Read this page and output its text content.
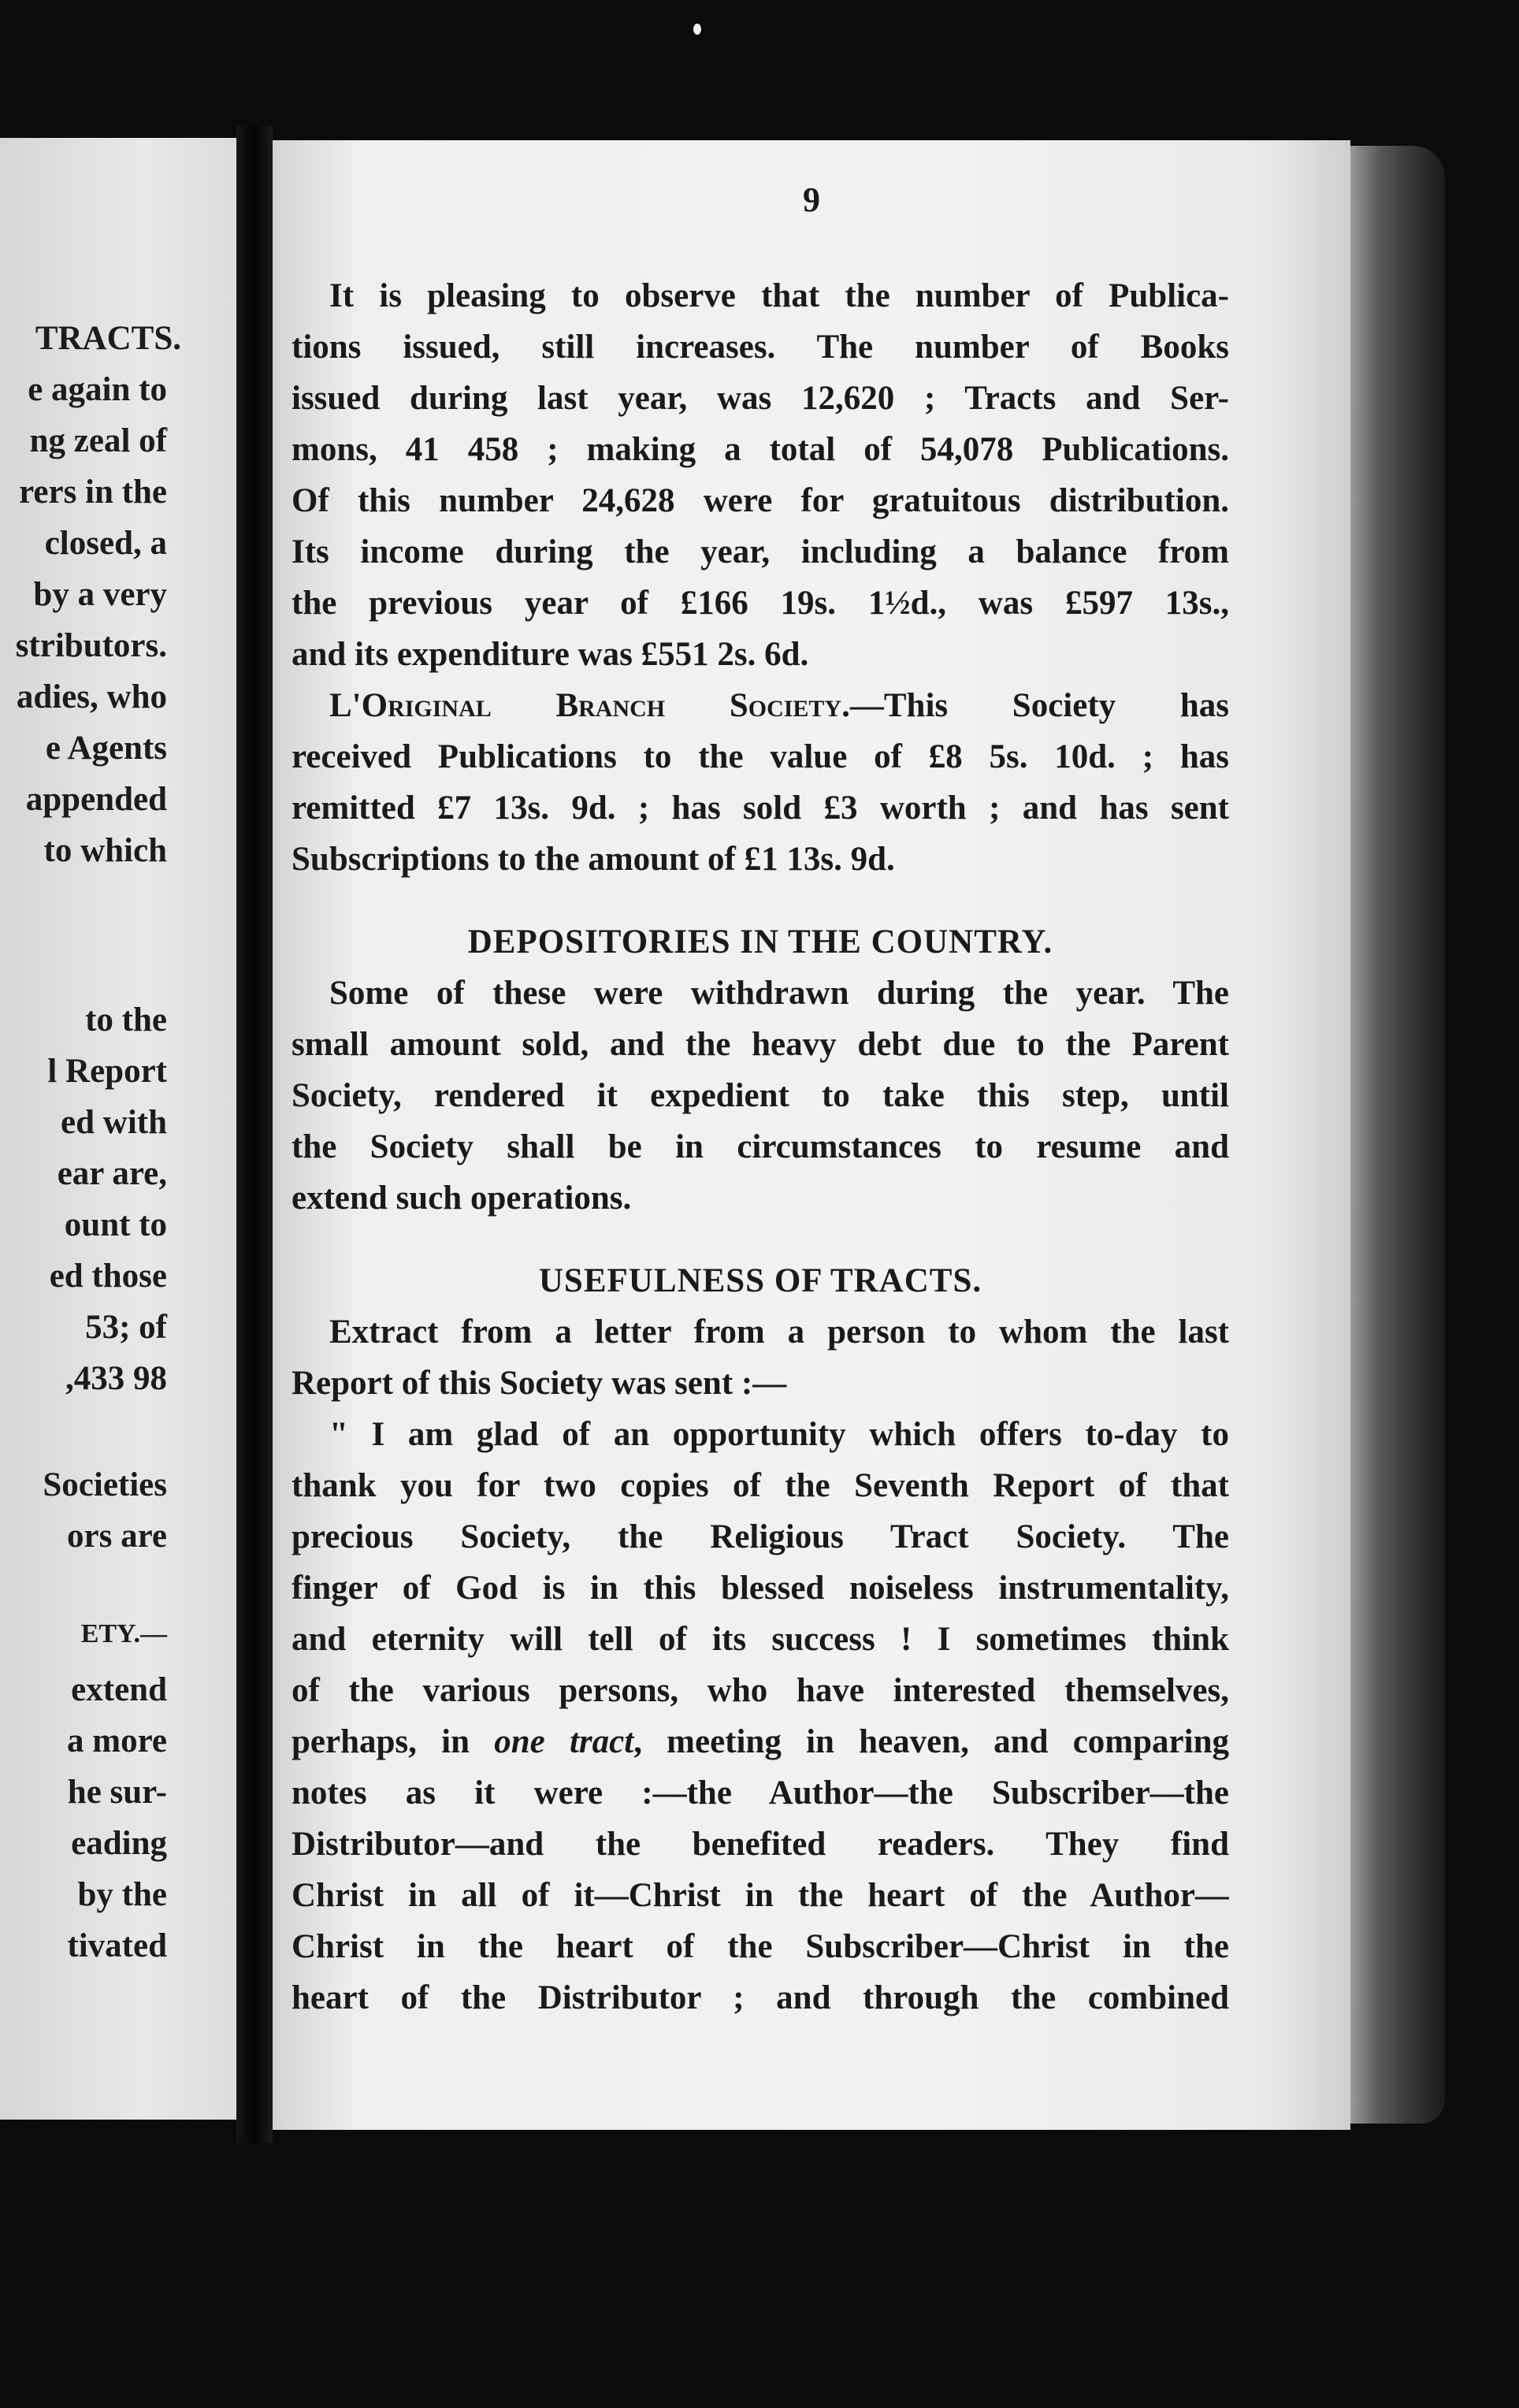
TRACTS.
e again to
ng zeal of
rers in the
closed, a
by a very
stributors.
adies, who
e Agents
appended
to which
to the
l Report
ed with
ear are,
ount to
ed those
53; of
,433 98
Societies
ors are
ETY.—
extend
a more
he sur-
eading
by the
tivated
9
It is pleasing to observe that the number of Publica-
tions issued, still increases. The number of Books
issued during last year, was 12,620 ; Tracts and Ser-
mons, 41 458 ; making a total of 54,078 Publications.
Of this number 24,628 were for gratuitous distribution.
Its income during the year, including a balance from
the previous year of £166 19s. 1½d., was £597 13s.,
and its expenditure was £551 2s. 6d.
L'Original Branch Society.—This Society has
received Publications to the value of £8 5s. 10d. ; has
remitted £7 13s. 9d. ; has sold £3 worth ; and has sent
Subscriptions to the amount of £1 13s. 9d.
DEPOSITORIES IN THE COUNTRY.
Some of these were withdrawn during the year. The
small amount sold, and the heavy debt due to the Parent
Society, rendered it expedient to take this step, until
the Society shall be in circumstances to resume and
extend such operations.
USEFULNESS OF TRACTS.
Extract from a letter from a person to whom the last
Report of this Society was sent :—
" I am glad of an opportunity which offers to-day to
thank you for two copies of the Seventh Report of that
precious Society, the Religious Tract Society. The
finger of God is in this blessed noiseless instrumentality,
and eternity will tell of its success ! I sometimes think
of the various persons, who have interested themselves,
perhaps, in one tract, meeting in heaven, and comparing
notes as it were :—the Author—the Subscriber—the
Distributor—and the benefited readers. They find
Christ in all of it—Christ in the heart of the Author—
Christ in the heart of the Subscriber—Christ in the
heart of the Distributor ; and through the combined
